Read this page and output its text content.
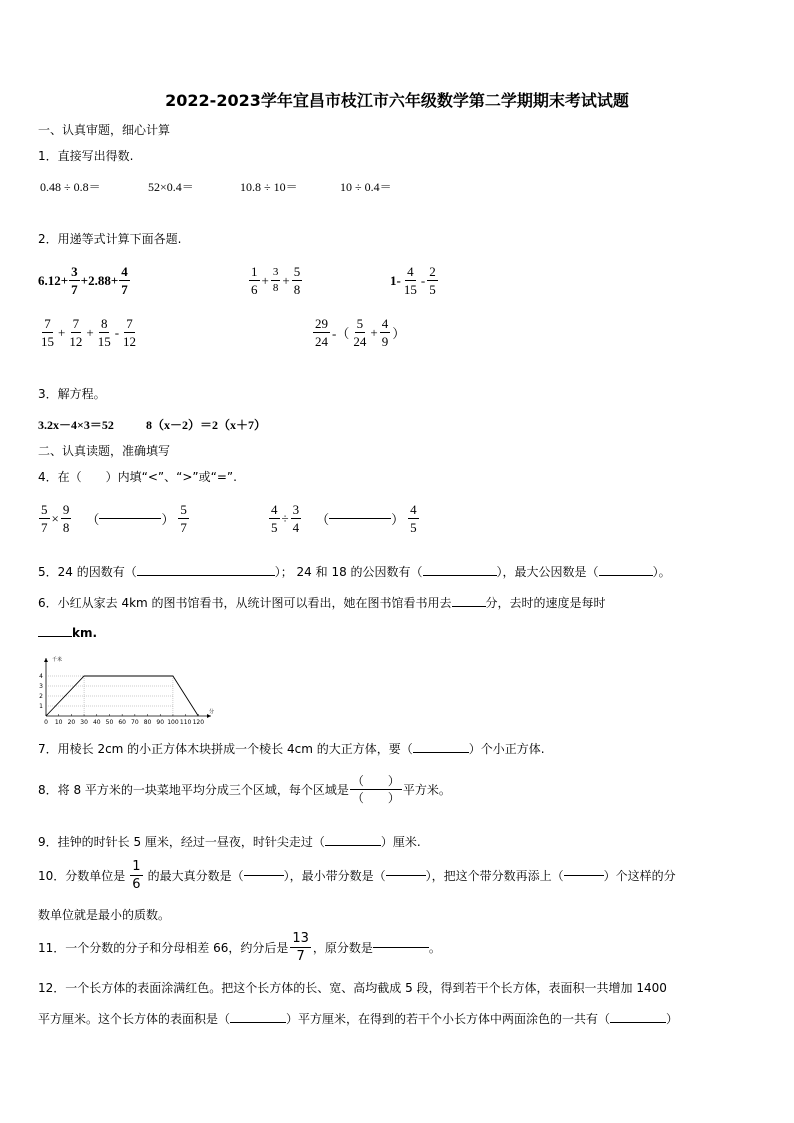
2022-2023学年宜昌市枝江市六年级数学第二学期期末考试试题
一、认真审题，细心计算
1．直接写出得数.
0.48 ÷ 0.8＝	52×0.4＝	10.8 ÷ 10＝	10 ÷ 0.4＝
2．用递等式计算下面各题.
$6.12+ \frac{3}{7} +2.88+ \frac{4}{7}$	$\frac{1}{6} + \frac{3}{8} + \frac{5}{8}$	$1- \frac{4}{15} - \frac{2}{5}$
$\frac{7}{15} + \frac{7}{12} + \frac{8}{15} - \frac{7}{12}$	$\frac{29}{24}$ -（ $\frac{5}{24} + \frac{4}{9}$ ）
3．解方程。
3.2x－4×3＝52	8（x－2）＝2（x＋7）
二、认真读题，准确填写
4．在（　　）内填“<”、“>”或“=”.
$\frac{5}{7} \times \frac{9}{8}$ （	） $\frac{5}{7}$	$\frac{4}{5} \div \frac{3}{4}$ （	） $\frac{4}{5}$
5．24 的因数有（	）； 24 和 18 的公因数有（	），最大公因数是（	）。
6．小红从家去 4km 的图书馆看书，从统计图可以看出，她在图书馆看书用去	分，去时的速度是每时
km.
1
2
3
4
0 10 20 30 40 50 60 70 80 90 100 110 120
千米
分
7．用棱长 2cm 的小正方体木块拼成一个棱长 4cm 的大正方体，要（	）个小正方体.
8．将 8 平方米的一块菜地平均分成三个区域，每个区域是 $\frac{( )}{( )}$ 平方米。
9．挂钟的时针长 5 厘米，经过一昼夜，时针尖走过（	）厘米.
10．分数单位是 $\frac{1}{6}$ 的最大真分数是（	），最小带分数是（	），把这个带分数再添上（	）个这样的分
数单位就是最小的质数。
11．一个分数的分子和分母相差 66，约分后是 $\frac{13}{7}$ ，原分数是	。
12．一个长方体的表面涂满红色。把这个长方体的长、宽、高均截成 5 段，得到若干个长方体，表面积一共增加 1400
平方厘米。这个长方体的表面积是（	）平方厘米，在得到的若干个小长方体中两面涂色的一共有（	）
